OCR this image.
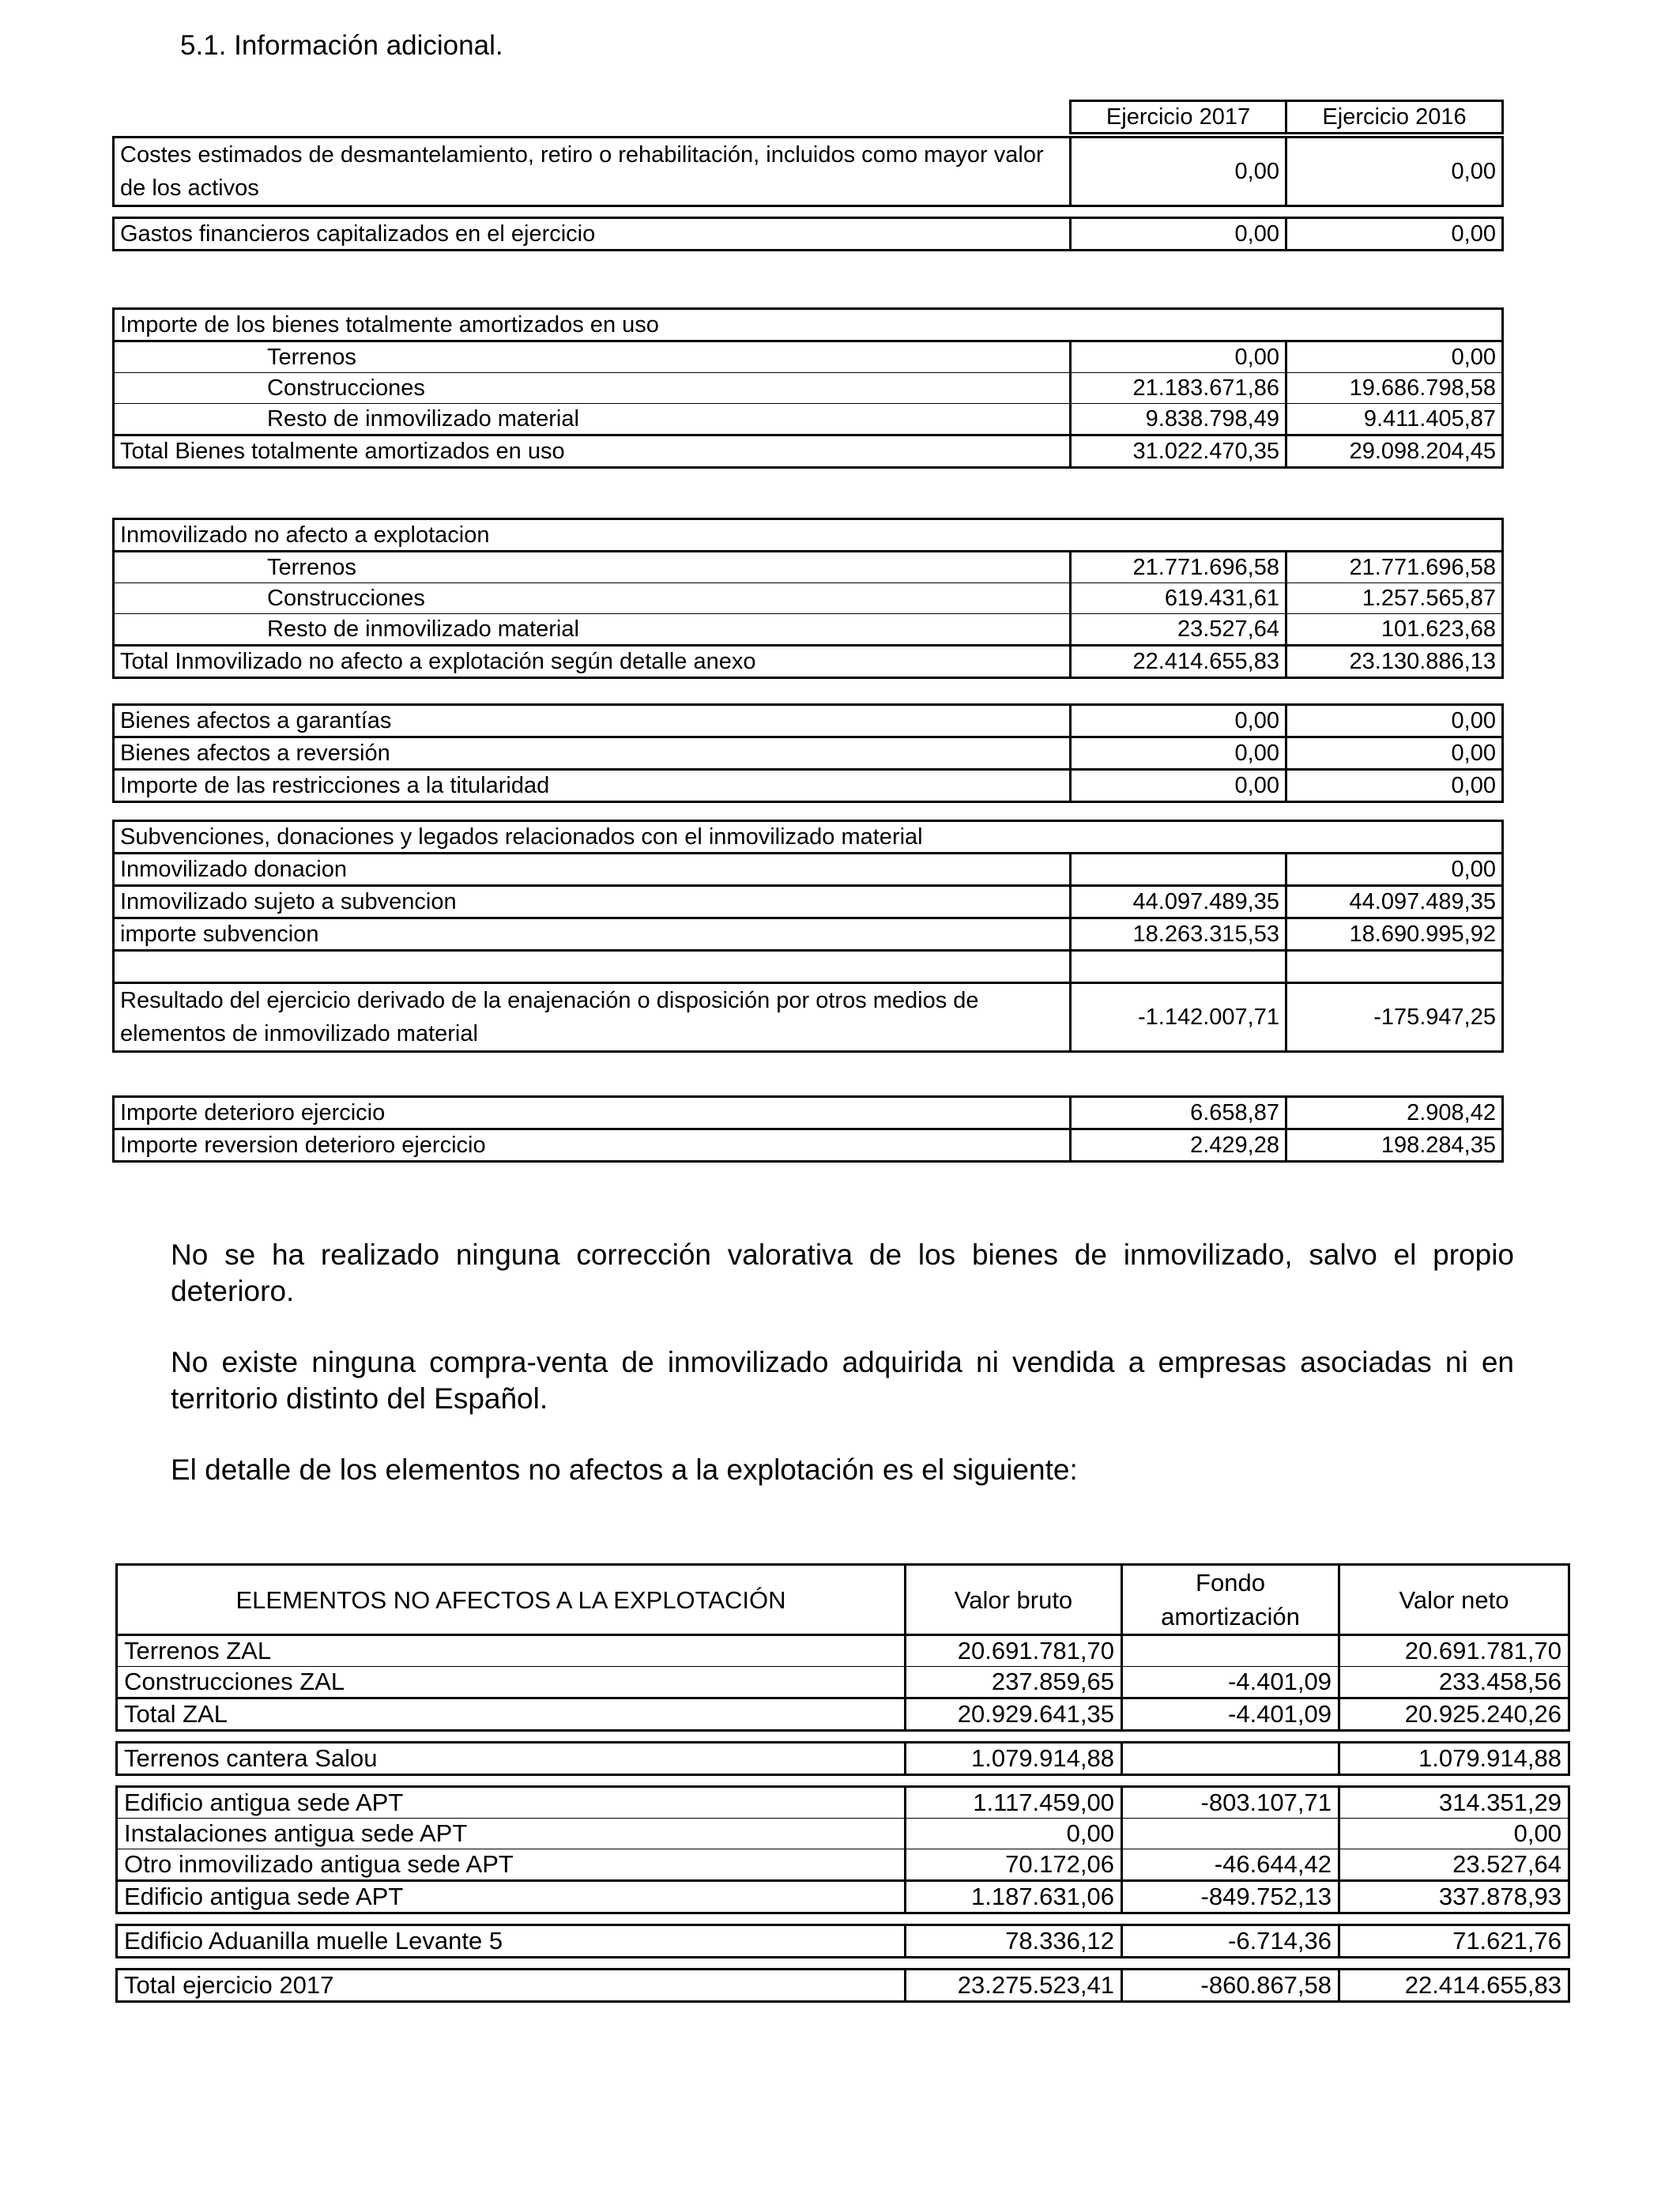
5.1. Información adicional.
Ejercicio 2017	Ejercicio 2016
Costes estimados de desmantelamiento, retiro o rehabilitación, incluidos como mayor valor de los activos	0,00	0,00
Gastos financieros capitalizados en el ejercicio	0,00	0,00
Importe de los bienes totalmente amortizados en uso		
Terrenos	0,00	0,00
Construcciones	21.183.671,86	19.686.798,58
Resto de inmovilizado material	9.838.798,49	9.411.405,87
Total Bienes totalmente amortizados en uso	31.022.470,35	29.098.204,45
Inmovilizado no afecto a explotacion		
Terrenos	21.771.696,58	21.771.696,58
Construcciones	619.431,61	1.257.565,87
Resto de inmovilizado material	23.527,64	101.623,68
Total Inmovilizado no afecto a explotación según detalle anexo	22.414.655,83	23.130.886,13
Bienes afectos a garantías	0,00	0,00
Bienes afectos a reversión	0,00	0,00
Importe de las restricciones a la titularidad	0,00	0,00
Subvenciones, donaciones y legados relacionados con el inmovilizado material		
Inmovilizado donacion		0,00
Inmovilizado sujeto a subvencion	44.097.489,35	44.097.489,35
importe subvencion	18.263.315,53	18.690.995,92

Resultado del ejercicio derivado de la enajenación o disposición por otros medios de elementos de inmovilizado material	-1.142.007,71	-175.947,25
Importe deterioro ejercicio	6.658,87	2.908,42
Importe reversion deterioro ejercicio	2.429,28	198.284,35
No se ha realizado ninguna corrección valorativa de los bienes de inmovilizado, salvo el propio deterioro.
No existe ninguna compra-venta de inmovilizado adquirida ni vendida a empresas asociadas ni en territorio distinto del Español.
El detalle de los elementos no afectos a la explotación es el siguiente:
ELEMENTOS NO AFECTOS A LA EXPLOTACIÓN	Valor bruto	Fondo amortización	Valor neto
Terrenos ZAL	20.691.781,70		20.691.781,70
Construcciones ZAL	237.859,65	-4.401,09	233.458,56
Total ZAL	20.929.641,35	-4.401,09	20.925.240,26

Terrenos cantera Salou	1.079.914,88		1.079.914,88

Edificio antigua sede APT	1.117.459,00	-803.107,71	314.351,29
Instalaciones antigua sede APT	0,00		0,00
Otro inmovilizado antigua sede APT	70.172,06	-46.644,42	23.527,64
Edificio antigua sede APT	1.187.631,06	-849.752,13	337.878,93

Edificio Aduanilla muelle Levante 5	78.336,12	-6.714,36	71.621,76

Total ejercicio 2017	23.275.523,41	-860.867,58	22.414.655,83
